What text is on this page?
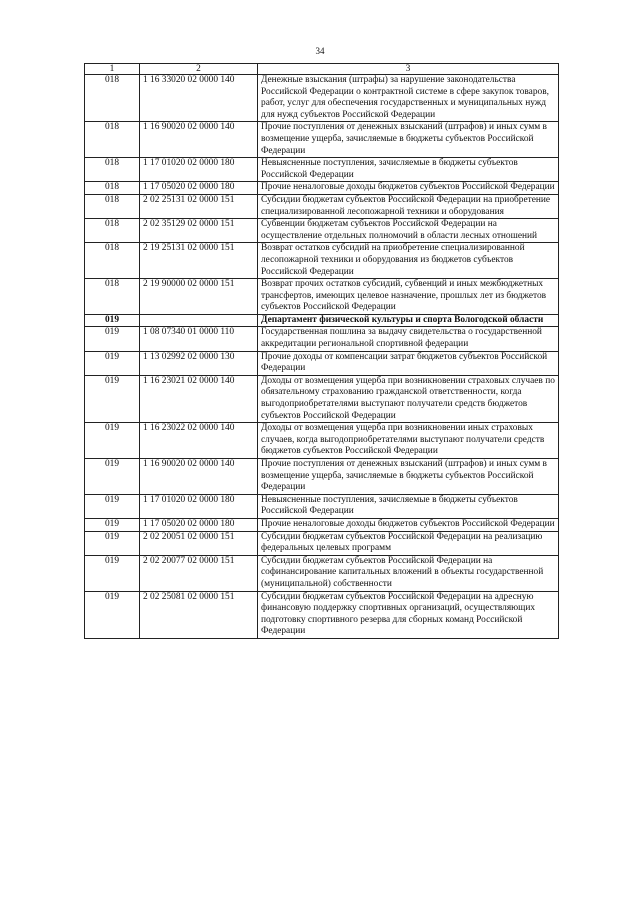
34
1	2	3
018	1 16 33020 02 0000 140	Денежные взыскания (штрафы) за нарушение законодательства Российской Федерации о контрактной системе в сфере закупок товаров, работ, услуг для обеспечения государственных и муниципальных нужд для нужд субъектов Российской Федерации
018	1 16 90020 02 0000 140	Прочие поступления от денежных взысканий (штрафов) и иных сумм в возмещение ущерба, зачисляемые в бюджеты субъектов Российской Федерации
018	1 17 01020 02 0000 180	Невыясненные поступления, зачисляемые в бюджеты субъектов Российской Федерации
018	1 17 05020 02 0000 180	Прочие неналоговые доходы бюджетов субъектов Российской Федерации
018	2 02 25131 02 0000 151	Субсидии бюджетам субъектов Российской Федерации на приобретение специализированной лесопожарной техники и оборудования
018	2 02 35129 02 0000 151	Субвенции бюджетам субъектов Российской Федерации на осуществление отдельных полномочий в области лесных отношений
018	2 19 25131 02 0000 151	Возврат остатков субсидий на приобретение специализированной лесопожарной техники и оборудования из бюджетов субъектов Российской Федерации
018	2 19 90000 02 0000 151	Возврат прочих остатков субсидий, субвенций и иных межбюджетных трансфертов, имеющих целевое назначение, прошлых лет из бюджетов субъектов Российской Федерации
019		Департамент физической культуры и спорта Вологодской области
019	1 08 07340 01 0000 110	Государственная пошлина за выдачу свидетельства о государственной аккредитации региональной спортивной федерации
019	1 13 02992 02 0000 130	Прочие доходы от компенсации затрат бюджетов субъектов Российской Федерации
019	1 16 23021 02 0000 140	Доходы от возмещения ущерба при возникновении страховых случаев по обязательному страхованию гражданской ответственности, когда выгодоприобретателями выступают получатели средств бюджетов субъектов Российской Федерации
019	1 16 23022 02 0000 140	Доходы от возмещения ущерба при возникновении иных страховых случаев, когда выгодоприобретателями выступают получатели средств бюджетов субъектов Российской Федерации
019	1 16 90020 02 0000 140	Прочие поступления от денежных взысканий (штрафов) и иных сумм в возмещение ущерба, зачисляемые в бюджеты субъектов Российской Федерации
019	1 17 01020 02 0000 180	Невыясненные поступления, зачисляемые в бюджеты субъектов Российской Федерации
019	1 17 05020 02 0000 180	Прочие неналоговые доходы бюджетов субъектов Российской Федерации
019	2 02 20051 02 0000 151	Субсидии бюджетам субъектов Российской Федерации на реализацию федеральных целевых программ
019	2 02 20077 02 0000 151	Субсидии бюджетам субъектов Российской Федерации на софинансирование капитальных вложений в объекты государственной (муниципальной) собственности
019	2 02 25081 02 0000 151	Субсидии бюджетам субъектов Российской Федерации на адресную финансовую поддержку спортивных организаций, осуществляющих подготовку спортивного резерва для сборных команд Российской Федерации
